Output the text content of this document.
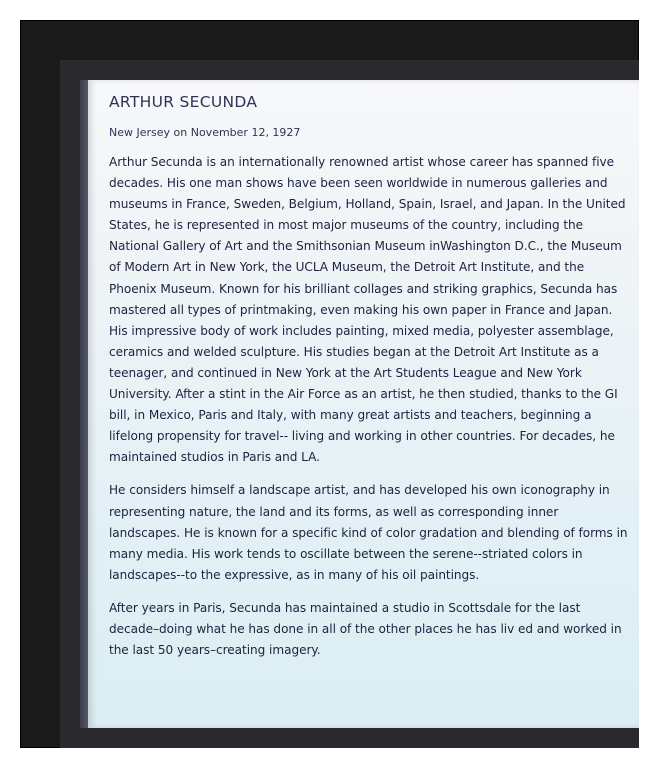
ARTHUR SECUNDA
New Jersey on November 12, 1927

Arthur Secunda is an internationally renowned artist whose career has spanned five decades. His one man shows have been seen worldwide in numerous galleries and museums in France, Sweden, Belgium, Holland, Spain, Israel, and Japan. In the United States, he is represented in most major museums of the country, including the National Gallery of Art and the Smithsonian Museum inWashington D.C., the Museum of Modern Art in New York, the UCLA Museum, the Detroit Art Institute, and the Phoenix Museum. Known for his brilliant collages and striking graphics, Secunda has mastered all types of printmaking, even making his own paper in France and Japan. His impressive body of work includes painting, mixed media, polyester assemblage, ceramics and welded sculpture. His studies began at the Detroit Art Institute as a teenager, and continued in New York at the Art Students League and New York University. After a stint in the Air Force as an artist, he then studied, thanks to the GI bill, in Mexico, Paris and Italy, with many great artists and teachers, beginning a lifelong propensity for travel-- living and working in other countries. For decades, he maintained studios in Paris and LA.

He considers himself a landscape artist, and has developed his own iconography in representing nature, the land and its forms, as well as corresponding inner landscapes. He is known for a specific kind of color gradation and blending of forms in many media. His work tends to oscillate between the serene--striated colors in landscapes--to the expressive, as in many of his oil paintings.

After years in Paris, Secunda has maintained a studio in Scottsdale for the last decade–doing what he has done in all of the other places he has liv ed and worked in the last 50 years–creating imagery.
